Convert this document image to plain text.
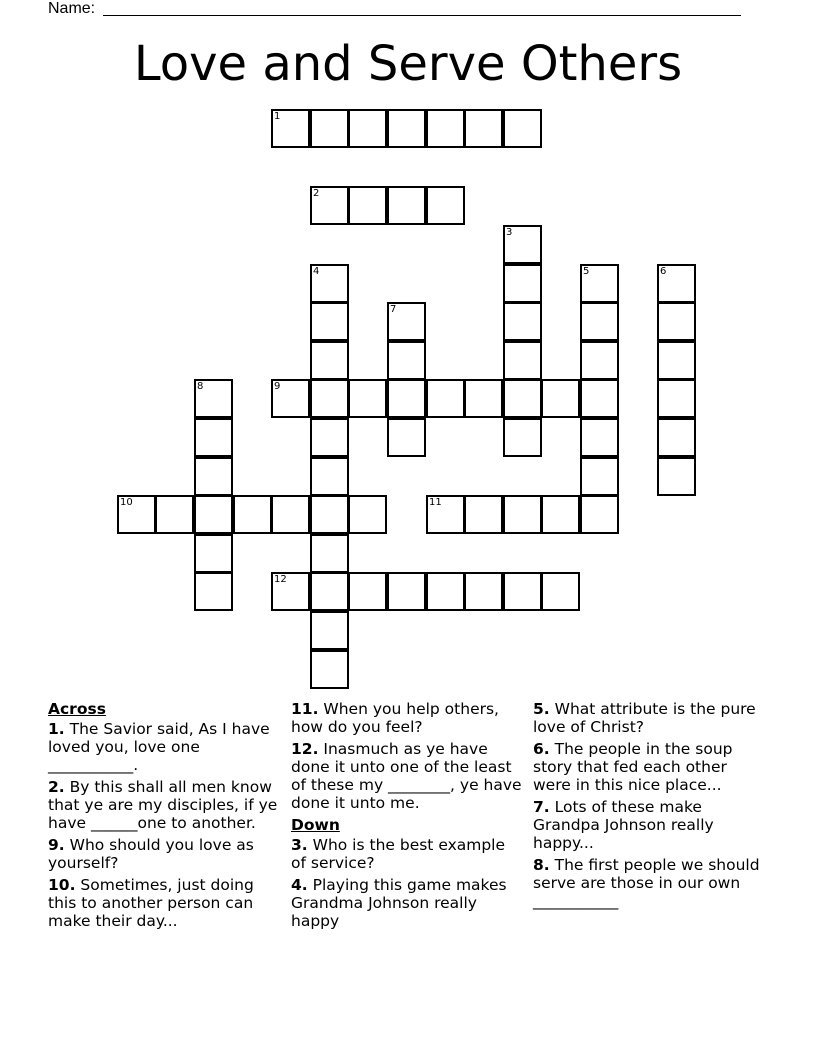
Name:
Love and Serve Others
1
2
3
4	5	6
7
8	9
10	11
12
Across
1. The Savior said, As I have loved you, love one ___________.
2. By this shall all men know that ye are my disciples, if ye have ______one to another.
9. Who should you love as yourself?
10. Sometimes, just doing this to another person can make their day...
11. When you help others, how do you feel?
12. Inasmuch as ye have done it unto one of the least of these my ________, ye have done it unto me.
Down
3. Who is the best example of service?
4. Playing this game makes Grandma Johnson really happy
5. What attribute is the pure love of Christ?
6. The people in the soup story that fed each other were in this nice place...
7. Lots of these make Grandpa Johnson really happy...
8. The first people we should serve are those in our own ___________
